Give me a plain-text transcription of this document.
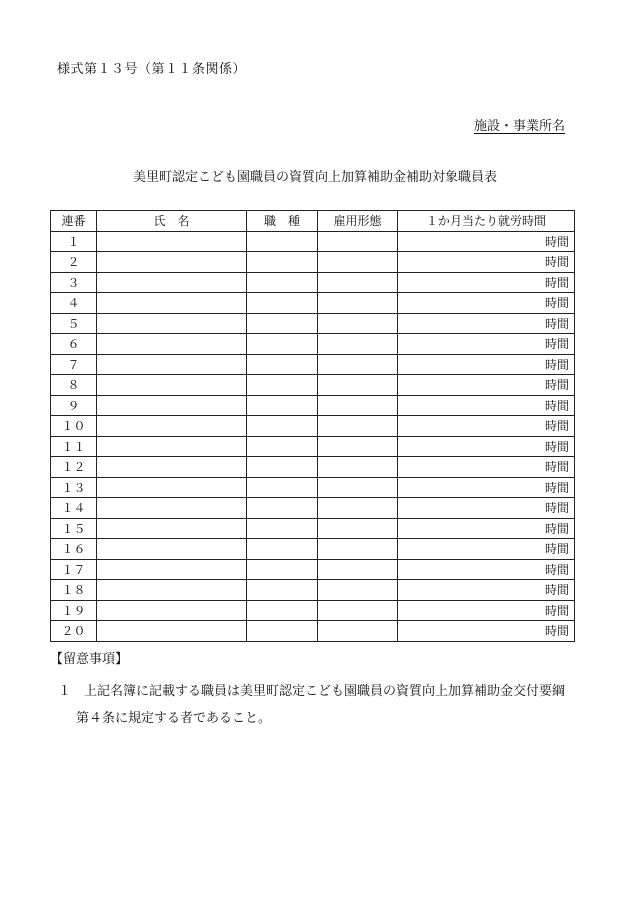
様式第１３号（第１１条関係）
施設・事業所名
美里町認定こども園職員の資質向上加算補助金補助対象職員表
連番	氏　名	職　種	雇用形態	１か月当たり就労時間
１				時間
２				時間
３				時間
４				時間
５				時間
６				時間
７				時間
８				時間
９				時間
１０				時間
１１				時間
１２				時間
１３				時間
１４				時間
１５				時間
１６				時間
１７				時間
１８				時間
１９				時間
２０				時間
【留意事項】
１ 上記名簿に記載する職員は美里町認定こども園職員の資質向上加算補助金交付要綱
第４条に規定する者であること。
